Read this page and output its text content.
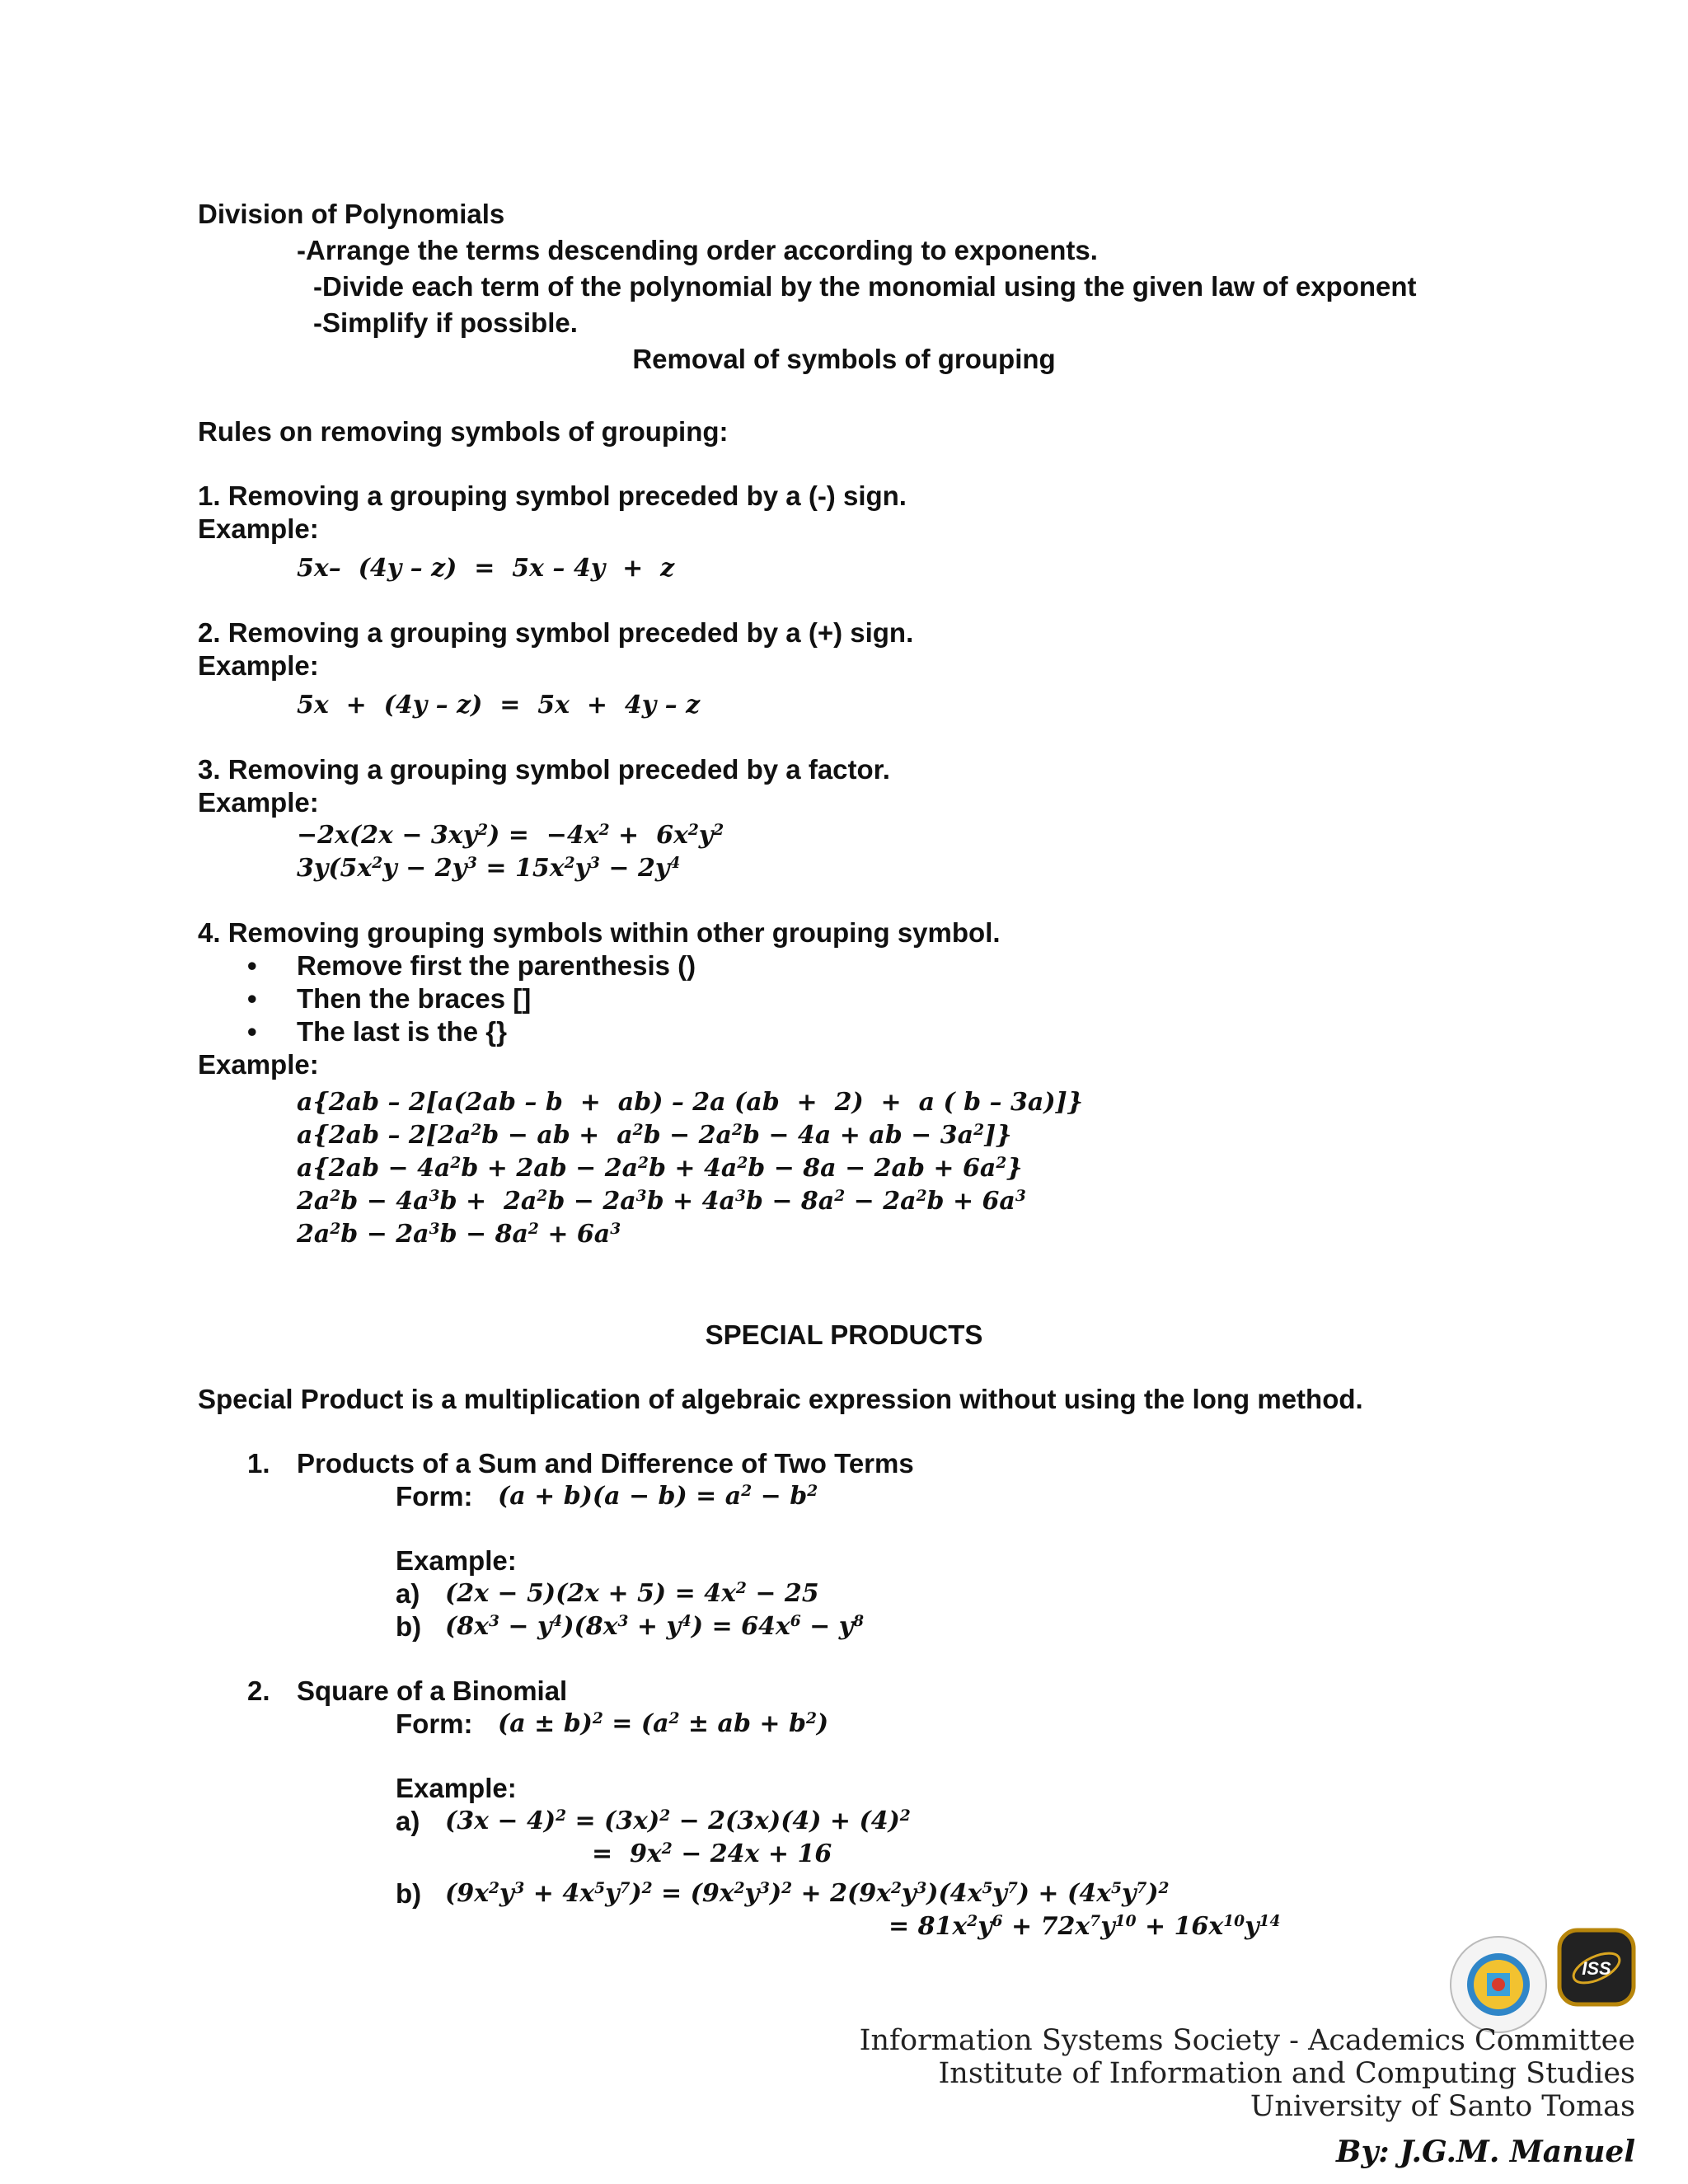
Division of Polynomials
-Arrange the terms descending order according to exponents.
-Divide each term of the polynomial by the monomial using the given law of exponent
-Simplify if possible.
Removal of symbols of grouping
Rules on removing symbols of grouping:
1. Removing a grouping symbol preceded by a (-) sign.
Example:
5x–  (4y – z)  =  5x – 4y  +  z
2. Removing a grouping symbol preceded by a (+) sign.
Example:
5x  +  (4y – z)  =  5x  +  4y – z
3. Removing a grouping symbol preceded by a factor.
Example:
$-2x(2x - 3xy^2) = -4x^2 + 6x^2y^2$
$3y(5x^2y - 2y^3 = 15x^2y^3 - 2y^4$
4. Removing grouping symbols within other grouping symbol.
• Remove first the parenthesis ()
• Then the braces []
• The last is the {}
Example:
a{2ab – 2[a(2ab – b  +  ab) – 2a (ab  +  2)  +  a ( b – 3a)]}
$a\{2ab - 2[2a^2b$ − ab +  $a^2b - 2a^2b - 4a$ + ab − $3a^2$]}
$a\{2ab - 4a^2b + 2ab - 2a^2b + 4a^2b - 8a - 2ab + 6a^2\}$
$2a^2b - 4a^3b + 2a^2b - 2a^3b + 4a^3b - 8a^2 - 2a^2b + 6a^3$
$2a^2b - 2a^3b - 8a^2 + 6a^3$
SPECIAL PRODUCTS
Special Product is a multiplication of algebraic expression without using the long method.
1. Products of a Sum and Difference of Two Terms
Form: $(a + b)(a - b) = a^2 - b^2$
Example:
a) $(2x - 5)(2x + 5) = 4x^2 - 25$
b) $(8x^3 - y^4)(8x^3 + y^4) = 64x^6 - y^8$
2. Square of a Binomial
Form: $(a \pm b)^2 = (a^2$ ± ab + $b^2$)
Example:
a) $(3x - 4)^2 = (3x)^2 - 2(3x)(4) + (4)^2$
=  $9x^2 - 24x + 16$
b) $(9x^2y^3 + 4x^5y^7)^2 = (9x^2y^3)^2 + 2(9x^2y^3)(4x^5y^7) + (4x^5y^7)^2$
= $81x^2y^6 + 72x^7y^{10} + 16x^{10}y^{14}$
ISS
Information Systems Society - Academics Committee
Institute of Information and Computing Studies
University of Santo Tomas
By: J.G.M. Manuel
